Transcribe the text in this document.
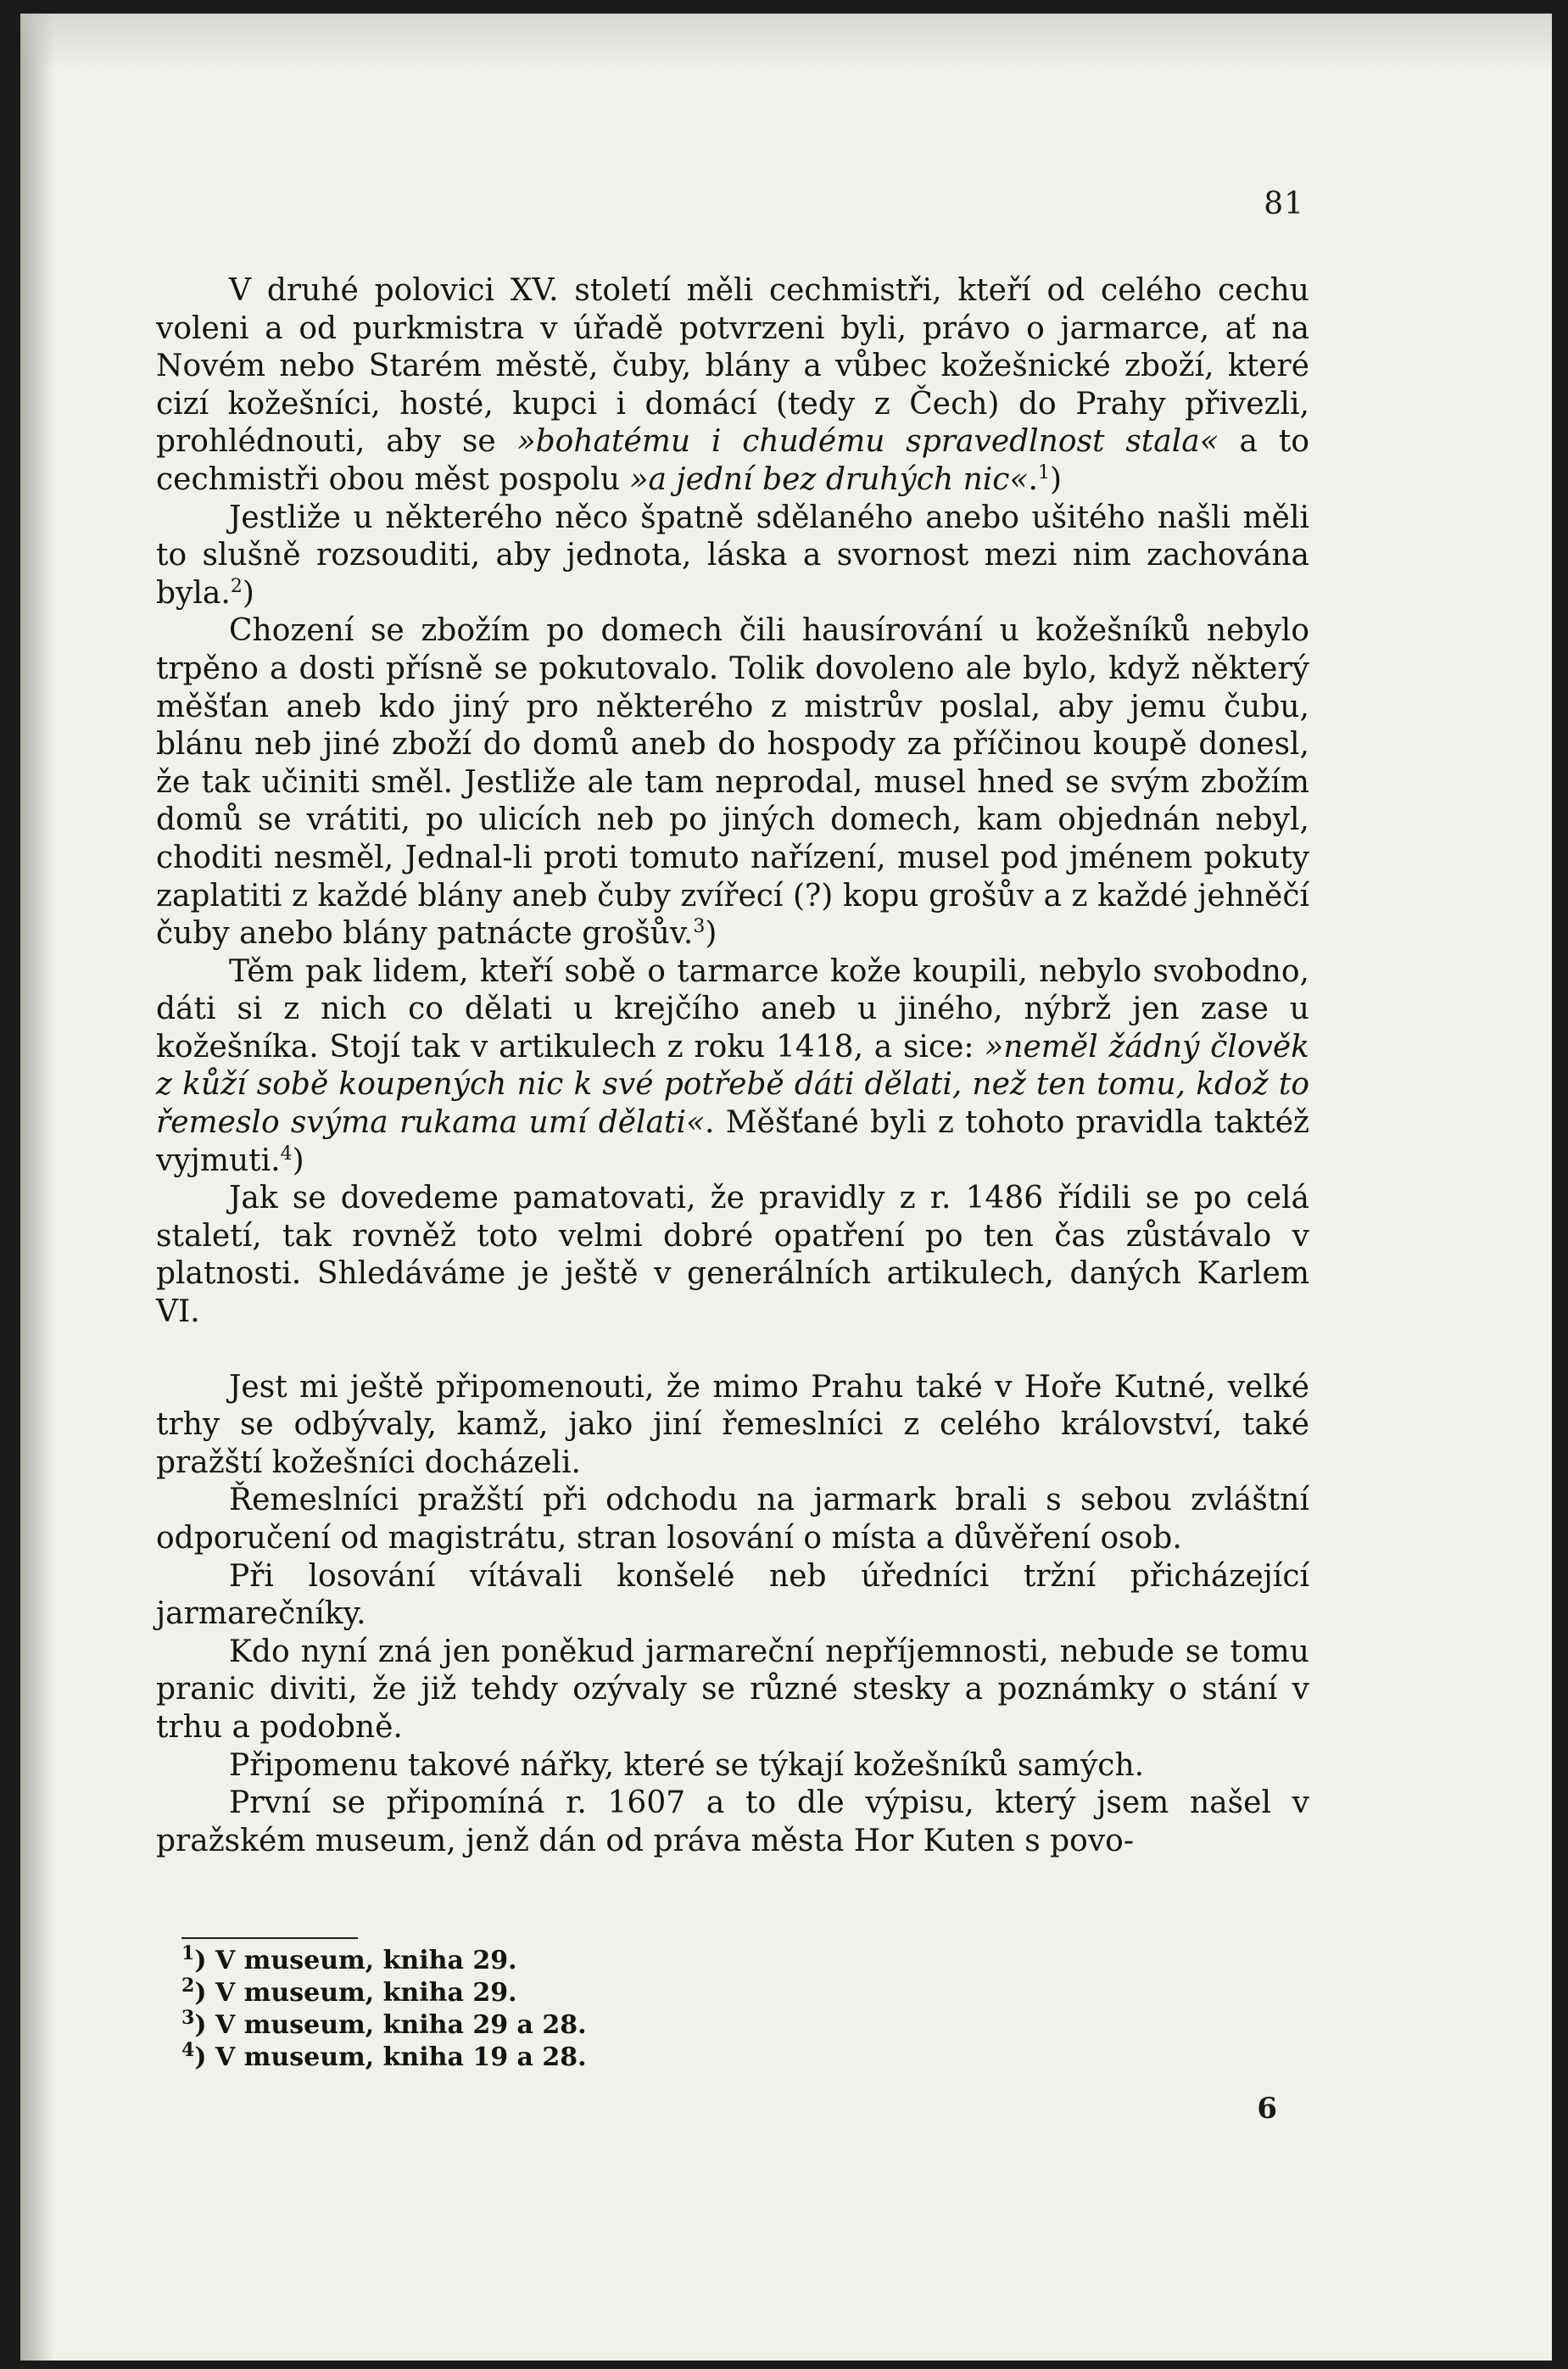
81

V druhé polovici XV. století měli cechmistři, kteří od celého cechu voleni a od purkmistra v úřadě potvrzeni byli, právo o jarmarce, ať na Novém nebo Starém městě, čuby, blány a vůbec kožešnické zboží, které cizí kožešníci, hosté, kupci i domácí (tedy z Čech) do Prahy přivezli, prohlédnouti, aby se »bohatému i chudému spravedlnost stala« a to cechmistři obou měst pospolu »a jední bez druhých nic«.$^1$)

Jestliže u některého něco špatně sdělaného anebo ušitého našli měli to slušně rozsouditi, aby jednota, láska a svornost mezi nim zachována byla.$^2$)

Chození se zbožím po domech čili hausírování u kožešníků nebylo trpěno a dosti přísně se pokutovalo. Tolik dovoleno ale bylo, když některý měšťan aneb kdo jiný pro některého z mistrův poslal, aby jemu čubu, blánu neb jiné zboží do domů aneb do hospody za příčinou koupě donesl, že tak učiniti směl. Jestliže ale tam neprodal, musel hned se svým zbožím domů se vrátiti, po ulicích neb po jiných domech, kam objednán nebyl, choditi nesměl, Jednal-li proti tomuto nařízení, musel pod jménem pokuty zaplatiti z každé blány aneb čuby zvířecí (?) kopu grošův a z každé jehněčí čuby anebo blány patnácte grošův.$^3$)

Těm pak lidem, kteří sobě o tarmarce kože koupili, nebylo svobodno, dáti si z nich co dělati u krejčího aneb u jiného, nýbrž jen zase u kožešníka. Stojí tak v artikulech z roku 1418, a sice: »neměl žádný člověk z kůží sobě koupených nic k své potřebě dáti dělati, než ten tomu, kdož to řemeslo svýma rukama umí dělati«. Měšťané byli z tohoto pravidla taktéž vyjmuti.$^4$)

Jak se dovedeme pamatovati, že pravidly z r. 1486 řídili se po celá staletí, tak rovněž toto velmi dobré opatření po ten čas zůstávalo v platnosti. Shledáváme je ještě v generálních artikulech, daných Karlem VI.

Jest mi ještě připomenouti, že mimo Prahu také v Hoře Kutné, velké trhy se odbývaly, kamž, jako jiní řemeslníci z celého království, také pražští kožešníci docházeli.

Řemeslníci pražští při odchodu na jarmark brali s sebou zvláštní odporučení od magistrátu, stran losování o místa a důvěření osob.

Při losování vítávali konšelé neb úředníci tržní přicházející jarmarečníky.

Kdo nyní zná jen poněkud jarmareční nepříjemnosti, nebude se tomu pranic diviti, že již tehdy ozývaly se různé stesky a poznámky o stání v trhu a podobně.

Připomenu takové nářky, které se týkají kožešníků samých.

První se připomíná r. 1607 a to dle výpisu, který jsem našel v pražském museum, jenž dán od práva města Hor Kuten s povo-

$^1$) V museum, kniha 29.
$^2$) V museum, kniha 29.
$^3$) V museum, kniha 29 a 28.
$^4$) V museum, kniha 19 a 28.
6
